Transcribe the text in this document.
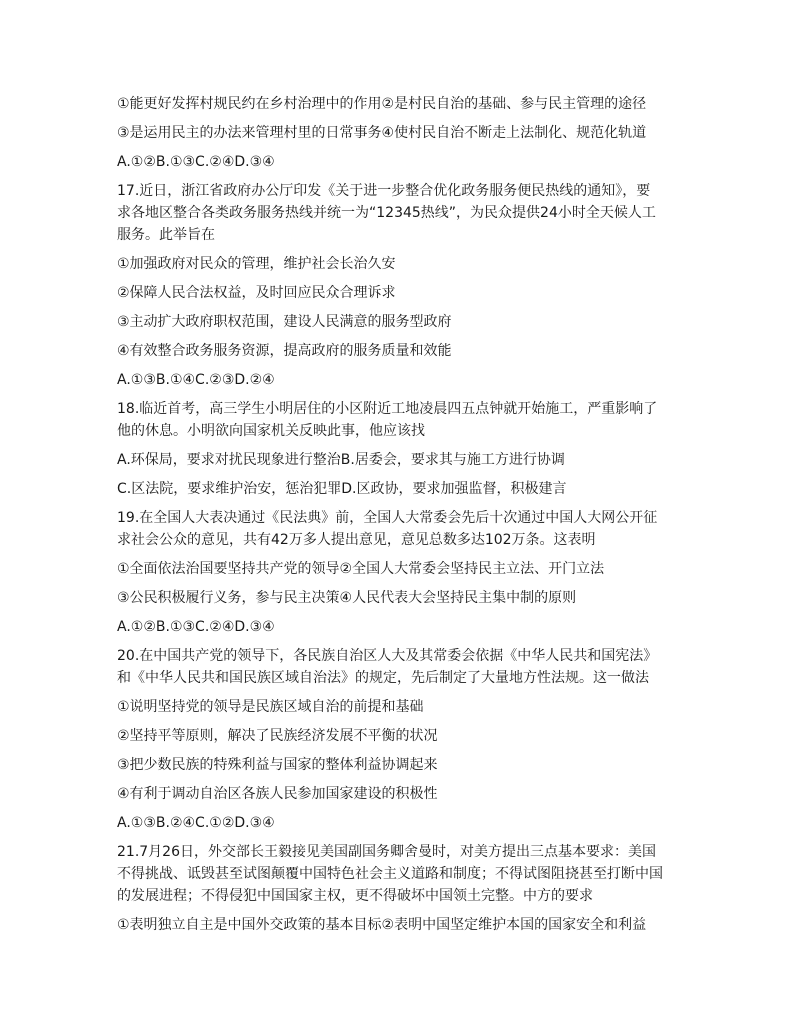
①能更好发挥村规民约在乡村治理中的作用②是村民自治的基础、参与民主管理的途径
③是运用民主的办法来管理村里的日常事务④使村民自治不断走上法制化、规范化轨道
A.①②B.①③C.②④D.③④
17.近日，浙江省政府办公厅印发《关于进一步整合优化政务服务便民热线的通知》，要
求各地区整合各类政务服务热线并统一为“12345热线”，为民众提供24小时全天候人工
服务。此举旨在
①加强政府对民众的管理，维护社会长治久安
②保障人民合法权益，及时回应民众合理诉求
③主动扩大政府职权范围，建设人民满意的服务型政府
④有效整合政务服务资源，提高政府的服务质量和效能
A.①③B.①④C.②③D.②④
18.临近首考，高三学生小明居住的小区附近工地凌晨四五点钟就开始施工，严重影响了
他的休息。小明欲向国家机关反映此事，他应该找
A.环保局，要求对扰民现象进行整治B.居委会，要求其与施工方进行协调
C.区法院，要求维护治安，惩治犯罪D.区政协，要求加强监督，积极建言
19.在全国人大表决通过《民法典》前，全国人大常委会先后十次通过中国人大网公开征
求社会公众的意见，共有42万多人提出意见，意见总数多达102万条。这表明
①全面依法治国要坚持共产党的领导②全国人大常委会坚持民主立法、开门立法
③公民积极履行义务，参与民主决策④人民代表大会坚持民主集中制的原则
A.①②B.①③C.②④D.③④
20.在中国共产党的领导下，各民族自治区人大及其常委会依据《中华人民共和国宪法》
和《中华人民共和国民族区域自治法》的规定，先后制定了大量地方性法规。这一做法
①说明坚持党的领导是民族区域自治的前提和基础
②坚持平等原则，解决了民族经济发展不平衡的状况
③把少数民族的特殊利益与国家的整体利益协调起来
④有利于调动自治区各族人民参加国家建设的积极性
A.①③B.②④C.①②D.③④
21.7月26日，外交部长王毅接见美国副国务卿舍曼时，对美方提出三点基本要求：美国
不得挑战、诋毁甚至试图颠覆中国特色社会主义道路和制度；不得试图阻挠甚至打断中国
的发展进程；不得侵犯中国国家主权，更不得破坏中国领土完整。中方的要求
①表明独立自主是中国外交政策的基本目标②表明中国坚定维护本国的国家安全和利益
